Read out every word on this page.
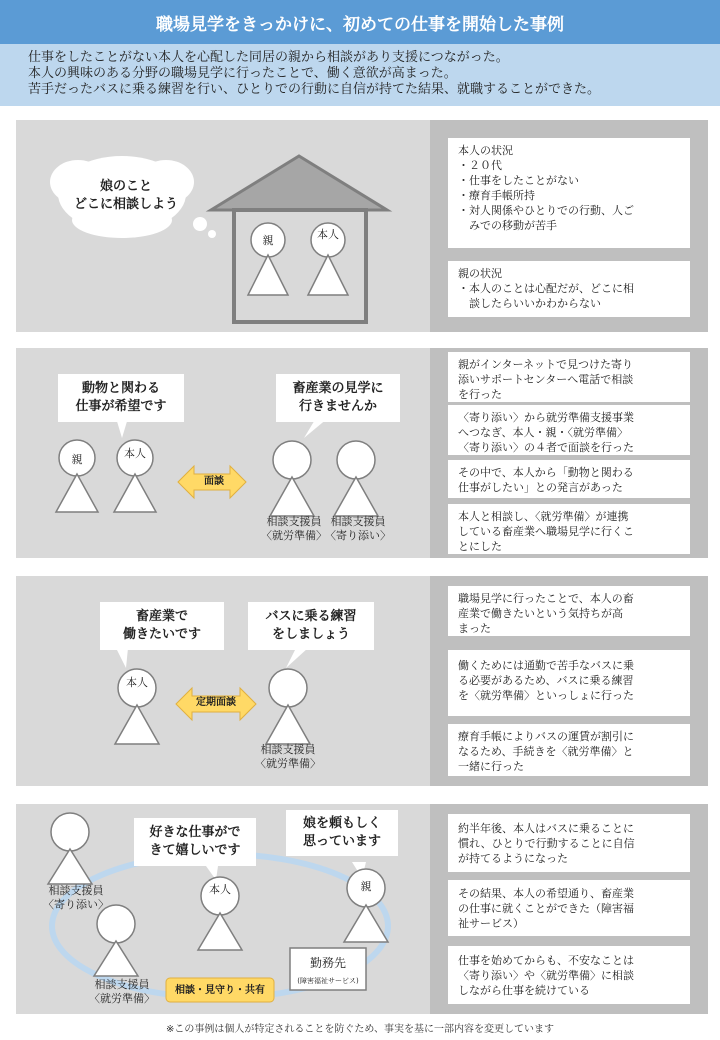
職場見学をきっかけに、初めての仕事を開始した事例
仕事をしたことがない本人を心配した同居の親から相談があり支援につながった。
本人の興味のある分野の職場見学に行ったことで、働く意欲が高まった。
苦手だったバスに乗る練習を行い、ひとりでの行動に自信が持てた結果、就職することができた。
親	本人
娘のこと
どこに相談しよう
本人の状況
・２０代
・仕事をしたことがない
・療育手帳所持
・対人関係やひとりでの行動、人ご
　みでの移動が苦手
親の状況
・本人のことは心配だが、どこに相
　談したらいいかわからない
動物と関わる
仕事が希望です
畜産業の見学に
行きませんか
親	本人
面談
相談支援員
〈就労準備〉
相談支援員
〈寄り添い〉
親がインターネットで見つけた寄り
添いサポートセンターへ電話で相談
を行った
〈寄り添い〉から就労準備支援事業
へつなぎ、本人・親・〈就労準備〉
〈寄り添い〉の４者で面談を行った
その中で、本人から「動物と関わる
仕事がしたい」との発言があった
本人と相談し、〈就労準備〉が連携
している畜産業へ職場見学に行くこ
とにした
畜産業で
働きたいです
バスに乗る練習
をしましょう
本人
定期面談
相談支援員
〈就労準備〉
職場見学に行ったことで、本人の畜
産業で働きたいという気持ちが高
まった
働くためには通勤で苦手なバスに乗
る必要があるため、バスに乗る練習
を〈就労準備〉といっしょに行った
療育手帳によりバスの運賃が割引に
なるため、手続きを〈就労準備〉と
一緒に行った
好きな仕事がで
きて嬉しいです
娘を頼もしく
思っています
相談支援員
〈寄り添い〉
相談支援員
〈就労準備〉
本人	親
勤務先
(障害福祉サービス)
相談・見守り・共有
約半年後、本人はバスに乗ることに
慣れ、ひとりで行動することに自信
が持てるようになった
その結果、本人の希望通り、畜産業
の仕事に就くことができた（障害福
祉サービス）
仕事を始めてからも、不安なことは
〈寄り添い〉や〈就労準備〉に相談
しながら仕事を続けている
※この事例は個人が特定されることを防ぐため、事実を基に一部内容を変更しています
